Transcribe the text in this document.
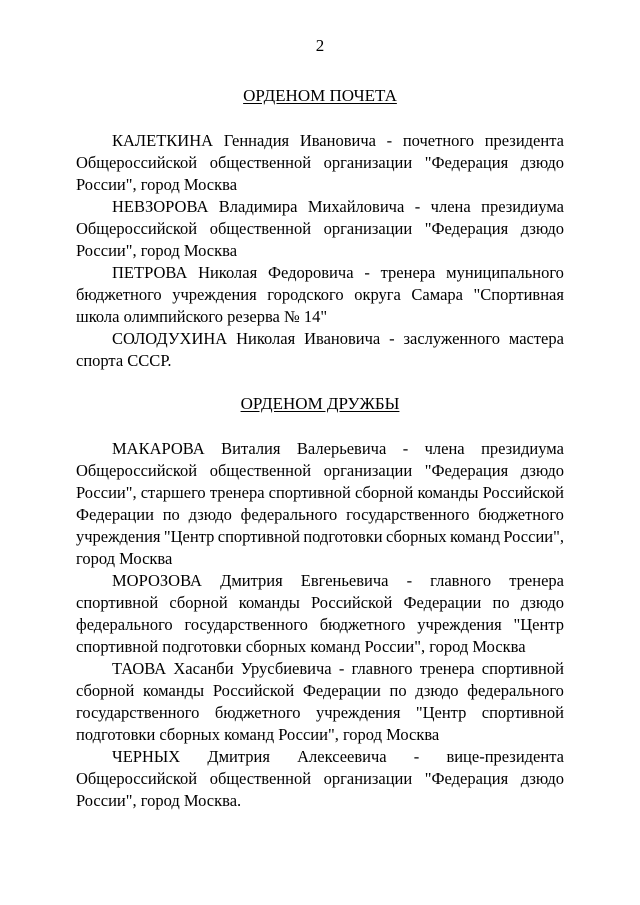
2
ОРДЕНОМ ПОЧЕТА
КАЛЕТКИНА Геннадия Ивановича - почетного президента
Общероссийской общественной организации "Федерация дзюдо
России", город Москва
НЕВЗОРОВА Владимира Михайловича - члена президиума
Общероссийской общественной организации "Федерация дзюдо
России", город Москва
ПЕТРОВА Николая Федоровича - тренера муниципального
бюджетного учреждения городского округа Самара "Спортивная
школа олимпийского резерва № 14"
СОЛОДУХИНА Николая Ивановича - заслуженного мастера
спорта СССР.
ОРДЕНОМ ДРУЖБЫ
МАКАРОВА Виталия Валерьевича - члена президиума
Общероссийской общественной организации "Федерация дзюдо
России", старшего тренера спортивной сборной команды Российской
Федерации по дзюдо федерального государственного бюджетного
учреждения "Центр спортивной подготовки сборных команд России",
город Москва
МОРОЗОВА Дмитрия Евгеньевича - главного тренера
спортивной сборной команды Российской Федерации по дзюдо
федерального государственного бюджетного учреждения "Центр
спортивной подготовки сборных команд России", город Москва
ТАОВА Хасанби Урусбиевича - главного тренера спортивной
сборной команды Российской Федерации по дзюдо федерального
государственного бюджетного учреждения "Центр спортивной
подготовки сборных команд России", город Москва
ЧЕРНЫХ Дмитрия Алексеевича - вице-президента
Общероссийской общественной организации "Федерация дзюдо
России", город Москва.
